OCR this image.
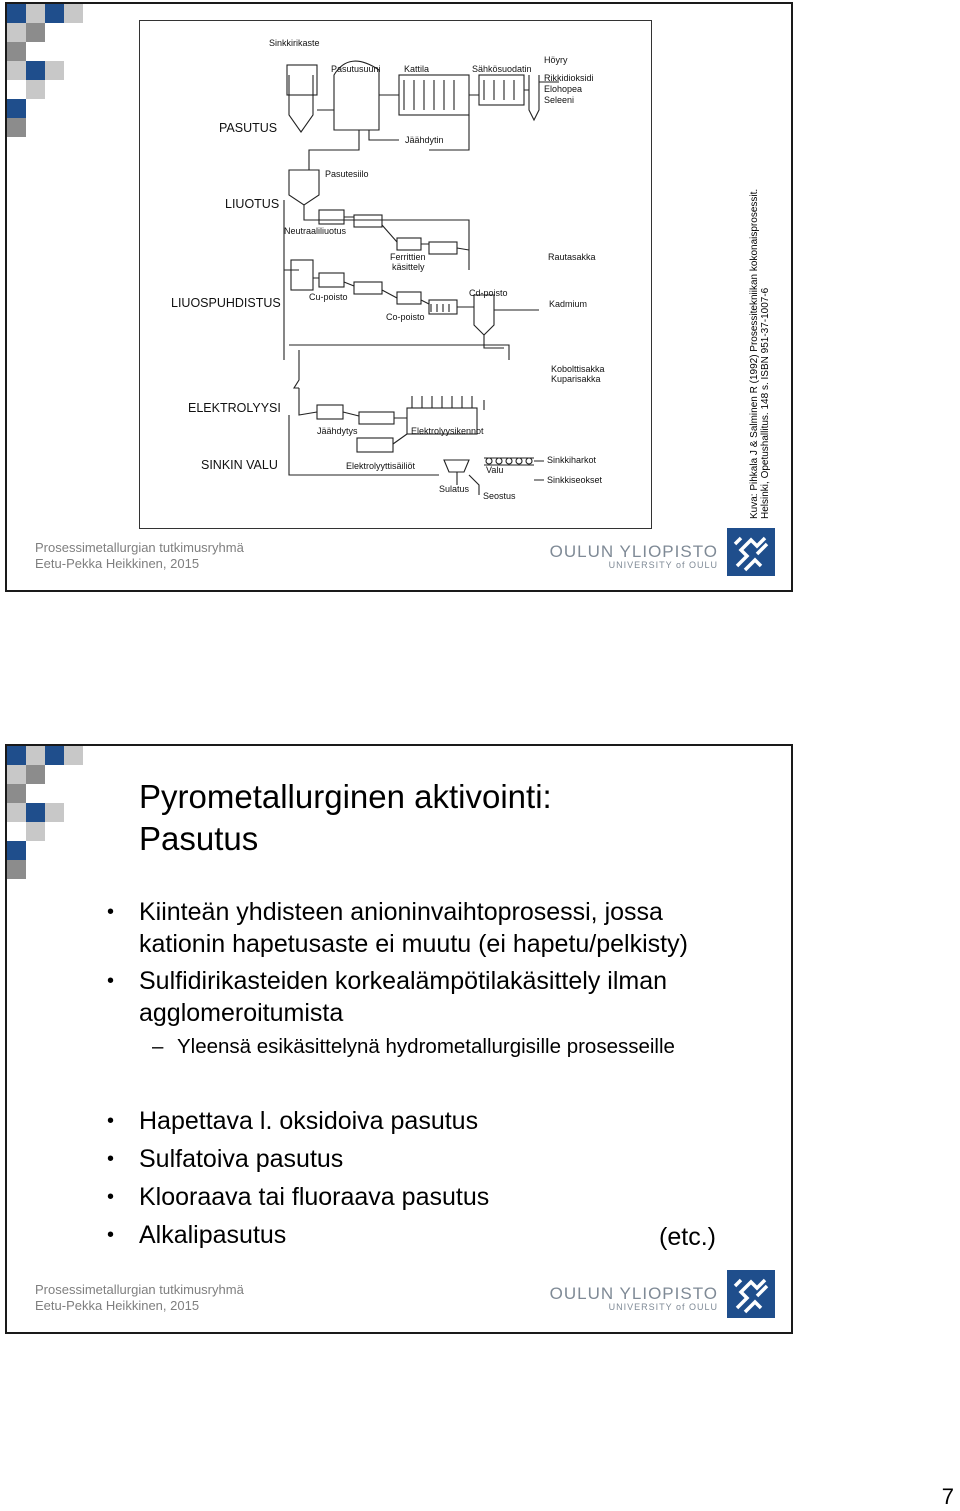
Sinkkirikaste
Pasutusuuni	Kattila	Sähkösuodatin
Höyry
Rikkidioksidi
Elohopea
Seleeni
Jäähdytin
Pasutesiilo
Neutraaliliuotus
Ferrittien
käsittely
Rautasakka
Cu-poisto	Cd-poisto
Kadmium
Co-poisto
Kobolttisakka
Kuparisakka
Jäähdytys	Elektrolyysikennot
Elektrolyyttisäiliöt	Valu
Sulatus
Seostus
Sinkkiharkot
Sinkkiseokset
PASUTUS
LIUOTUS
LIUOSPUHDISTUS
ELEKTROLYYSI
SINKIN VALU	Kuva: Pihkala J & Salminen R (1992) Prosessitekniikan kokonaisprosessit. Helsinki, Opetushallitus. 148 s. ISBN 951-37-1007-6
Prosessimetallurgian tutkimusryhmä
Eetu-Pekka Heikkinen, 2015
OULUN YLIOPISTO
UNIVERSITY of OULU
Pyrometallurginen aktivointi:
Pasutus
• Kiinteän yhdisteen anioninvaihtoprosessi, jossa kationin hapetusaste ei muutu (ei hapetu/pelkisty)
• Sulfidirikasteiden korkealämpötilakäsittely ilman agglomeroitumista
– Yleensä esikäsittelynä hydrometallurgisille prosesseille
• Hapettava l. oksidoiva pasutus
• Sulfatoiva pasutus
• Klooraava tai fluoraava pasutus
• Alkalipasutus	(etc.)
Prosessimetallurgian tutkimusryhmä
Eetu-Pekka Heikkinen, 2015
OULUN YLIOPISTO
UNIVERSITY of OULU
7
